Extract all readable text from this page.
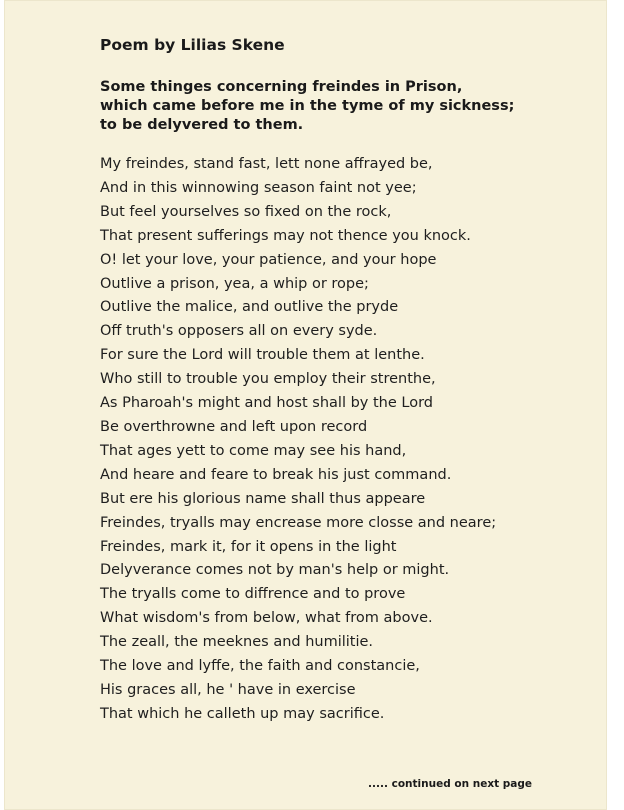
Poem by Lilias Skene
Some thinges concerning freindes in Prison,
which came before me in the tyme of my sickness;
to be delyvered to them.
My freindes, stand fast, lett none affrayed be,
And in this winnowing season faint not yee;
But feel yourselves so fixed on the rock,
That present sufferings may not thence you knock.
O! let your love, your patience, and your hope
Outlive a prison, yea, a whip or rope;
Outlive the malice, and outlive the pryde
Off truth's opposers all on every syde.
For sure the Lord will trouble them at lenthe.
Who still to trouble you employ their strenthe,
As Pharoah's might and host shall by the Lord
Be overthrowne and left upon record
That ages yett to come may see his hand,
And heare and feare to break his just command.
But ere his glorious name shall thus appeare
Freindes, tryalls may encrease more closse and neare;
Freindes, mark it, for it opens in the light
Delyverance comes not by man's help or might.
The tryalls come to diffrence and to prove
What wisdom's from below, what from above.
The zeall, the meeknes and humilitie.
The love and lyffe, the faith and constancie,
His graces all, he ' have in exercise
That which he calleth up may sacrifice.
..... continued on next page
